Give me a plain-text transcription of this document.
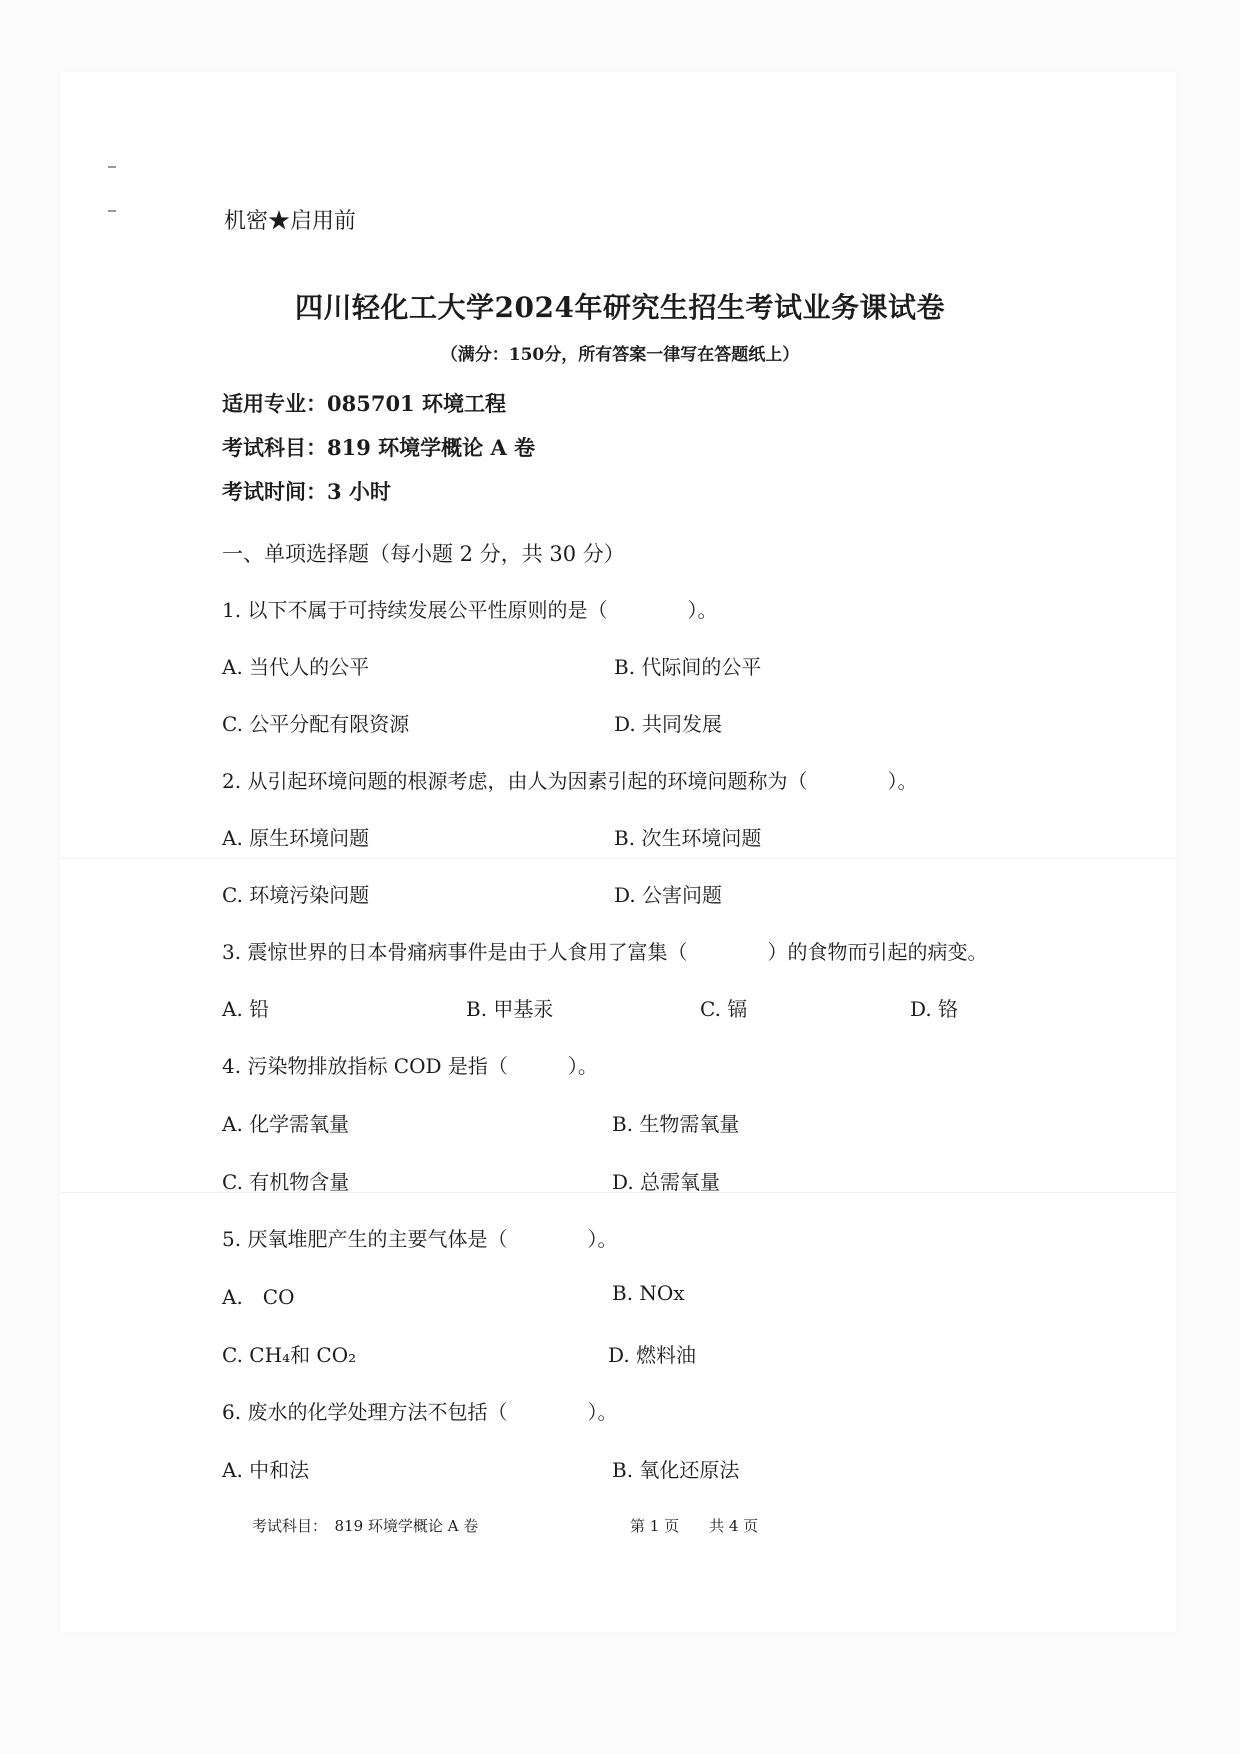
机密★启用前
四川轻化工大学2024年研究生招生考试业务课试卷
（满分：150分，所有答案一律写在答题纸上）
适用专业：085701 环境工程
考试科目：819 环境学概论 A 卷
考试时间：3 小时
一、单项选择题（每小题 2 分，共 30 分）
1. 以下不属于可持续发展公平性原则的是（　　　　）。
A. 当代人的公平	B. 代际间的公平
C. 公平分配有限资源	D. 共同发展
2. 从引起环境问题的根源考虑，由人为因素引起的环境问题称为（　　　　）。
A. 原生环境问题	B. 次生环境问题
C. 环境污染问题	D. 公害问题
3. 震惊世界的日本骨痛病事件是由于人食用了富集（　　　　）的食物而引起的病变。
A. 铅	B. 甲基汞	C. 镉	D. 铬
4. 污染物排放指标 COD 是指（　　　）。
A. 化学需氧量	B. 生物需氧量
C. 有机物含量	D. 总需氧量
5. 厌氧堆肥产生的主要气体是（　　　　）。
A.　CO	B. NOx
C. CH₄和 CO₂	D. 燃料油
6. 废水的化学处理方法不包括（　　　　）。
A. 中和法	B. 氧化还原法
考试科目：　819 环境学概论 A 卷	第 1 页　　共 4 页
